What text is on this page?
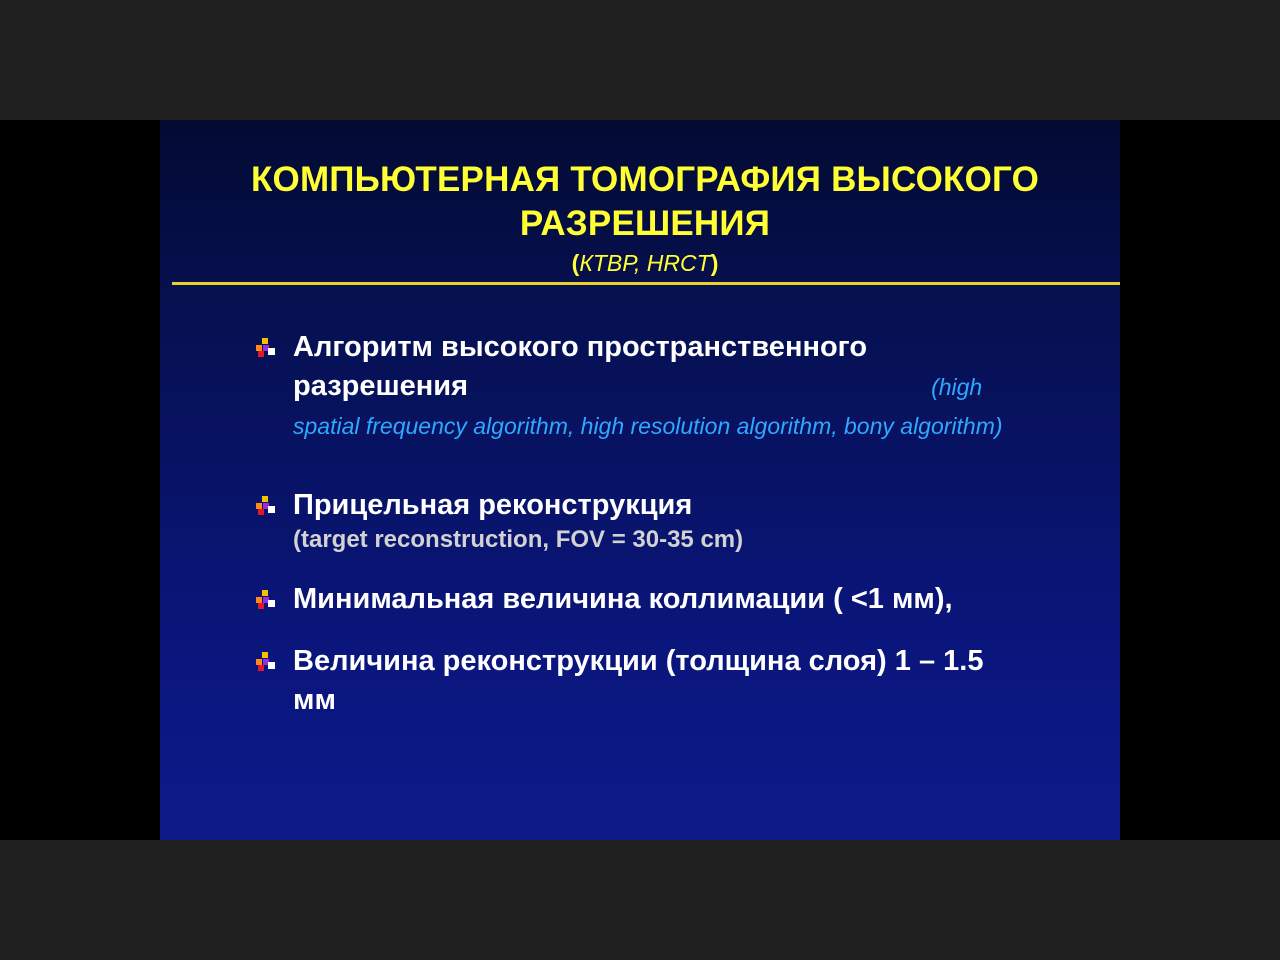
КОМПЬЮТЕРНАЯ ТОМОГРАФИЯ ВЫСОКОГО РАЗРЕШЕНИЯ
(КТВР, HRCT)
Алгоритм высокого пространственного разрешения	(high spatial frequency algorithm, high resolution algorithm, bony algorithm)
Прицельная реконструкция
(target reconstruction, FOV = 30-35 cm)
Минимальная величина коллимации ( <1 мм),
Величина реконструкции (толщина слоя) 1 – 1.5 мм
